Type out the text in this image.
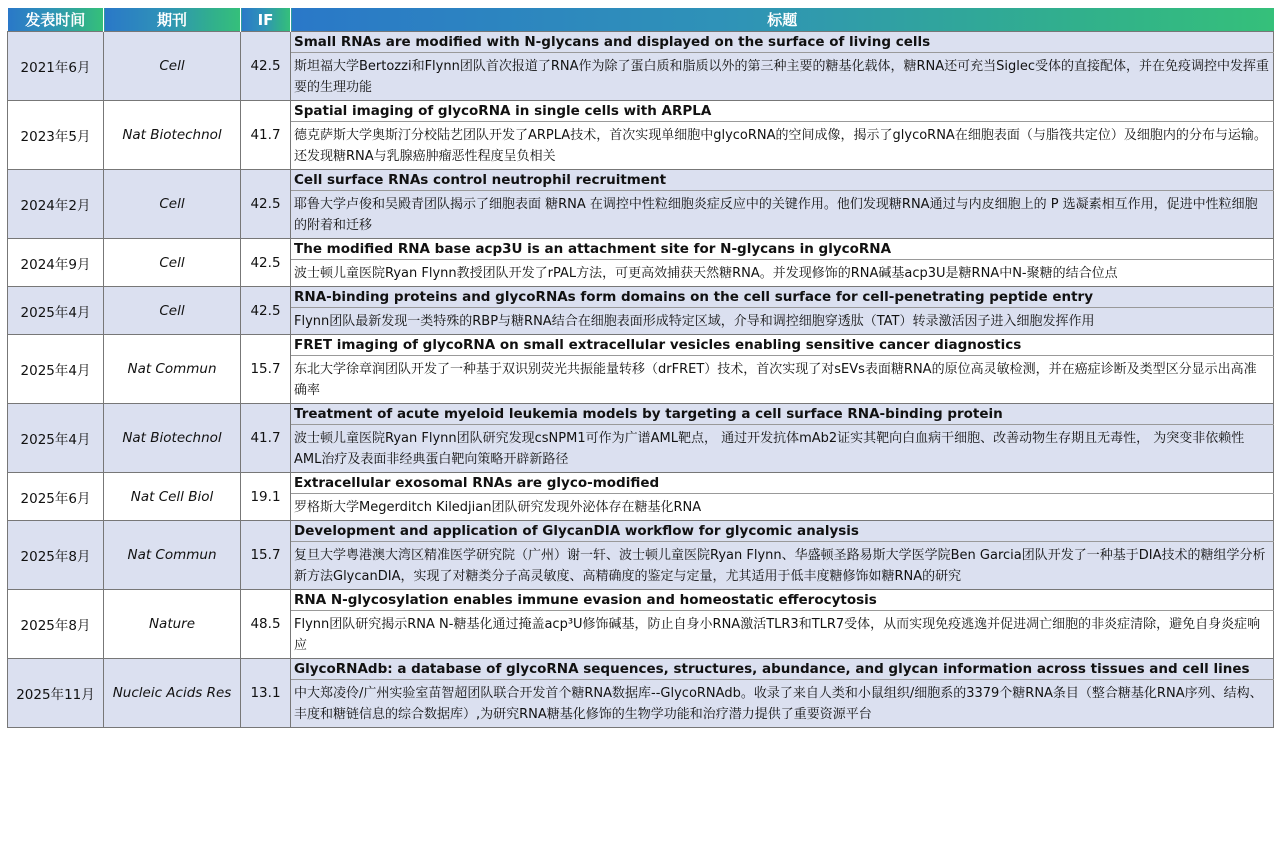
发表时间	期刊	IF	标题
2021年6月	Cell	42.5	Small RNAs are modified with N-glycans and displayed on the surface of living cells
			斯坦福大学Bertozzi和Flynn团队首次报道了RNA作为除了蛋白质和脂质以外的第三种主要的糖基化载体，糖RNA还可充当Siglec受体的直接配体，并在免疫调控中发挥重要的生理功能
2023年5月	Nat Biotechnol	41.7	Spatial imaging of glycoRNA in single cells with ARPLA
			德克萨斯大学奥斯汀分校陆艺团队开发了ARPLA技术，首次实现单细胞中glycoRNA的空间成像，揭示了glycoRNA在细胞表面（与脂筏共定位）及细胞内的分布与运输。还发现糖RNA与乳腺癌肿瘤恶性程度呈负相关
2024年2月	Cell	42.5	Cell surface RNAs control neutrophil recruitment
			耶鲁大学卢俊和吴殿青团队揭示了细胞表面 糖RNA 在调控中性粒细胞炎症反应中的关键作用。他们发现糖RNA通过与内皮细胞上的 P 选凝素相互作用，促进中性粒细胞的附着和迁移
2024年9月	Cell	42.5	The modified RNA base acp3U is an attachment site for N-glycans in glycoRNA
			波士顿儿童医院Ryan Flynn教授团队开发了rPAL方法，可更高效捕获天然糖RNA。并发现修饰的RNA碱基acp3U是糖RNA中N-聚糖的结合位点
2025年4月	Cell	42.5	RNA-binding proteins and glycoRNAs form domains on the cell surface for cell-penetrating peptide entry
			Flynn团队最新发现一类特殊的RBP与糖RNA结合在细胞表面形成特定区域，介导和调控细胞穿透肽（TAT）转录激活因子进入细胞发挥作用
2025年4月	Nat Commun	15.7	FRET imaging of glycoRNA on small extracellular vesicles enabling sensitive cancer diagnostics
			东北大学徐章润团队开发了一种基于双识别荧光共振能量转移（drFRET）技术，首次实现了对sEVs表面糖RNA的原位高灵敏检测，并在癌症诊断及类型区分显示出高准确率
2025年4月	Nat Biotechnol	41.7	Treatment of acute myeloid leukemia models by targeting a cell surface RNA-binding protein
			波士顿儿童医院Ryan Flynn团队研究发现csNPM1可作为广谱AML靶点， 通过开发抗体mAb2证实其靶向白血病干细胞、改善动物生存期且无毒性， 为突变非依赖性AML治疗及表面非经典蛋白靶向策略开辟新路径
2025年6月	Nat Cell Biol	19.1	Extracellular exosomal RNAs are glyco-modified
			罗格斯大学Megerditch Kiledjian团队研究发现外泌体存在糖基化RNA
2025年8月	Nat Commun	15.7	Development and application of GlycanDIA workflow for glycomic analysis
			复旦大学粤港澳大湾区精准医学研究院（广州）谢一轩、波士顿儿童医院Ryan Flynn、华盛顿圣路易斯大学医学院Ben Garcia团队开发了一种基于DIA技术的糖组学分析新方法GlycanDIA，实现了对糖类分子高灵敏度、高精确度的鉴定与定量，尤其适用于低丰度糖修饰如糖RNA的研究
2025年8月	Nature	48.5	RNA N-glycosylation enables immune evasion and homeostatic efferocytosis
			Flynn团队研究揭示RNA N-糖基化通过掩盖acp³U修饰碱基，防止自身小RNA激活TLR3和TLR7受体，从而实现免疫逃逸并促进凋亡细胞的非炎症清除，避免自身炎症响应
2025年11月	Nucleic Acids Res	13.1	GlycoRNAdb: a database of glycoRNA sequences, structures, abundance, and glycan information across tissues and cell lines
			中大郑凌伶/广州实验室苗智超团队联合开发首个糖RNA数据库--GlycoRNAdb。收录了来自人类和小鼠组织/细胞系的3379个糖RNA条目（整合糖基化RNA序列、结构、丰度和糖链信息的综合数据库）,为研究RNA糖基化修饰的生物学功能和治疗潜力提供了重要资源平台
